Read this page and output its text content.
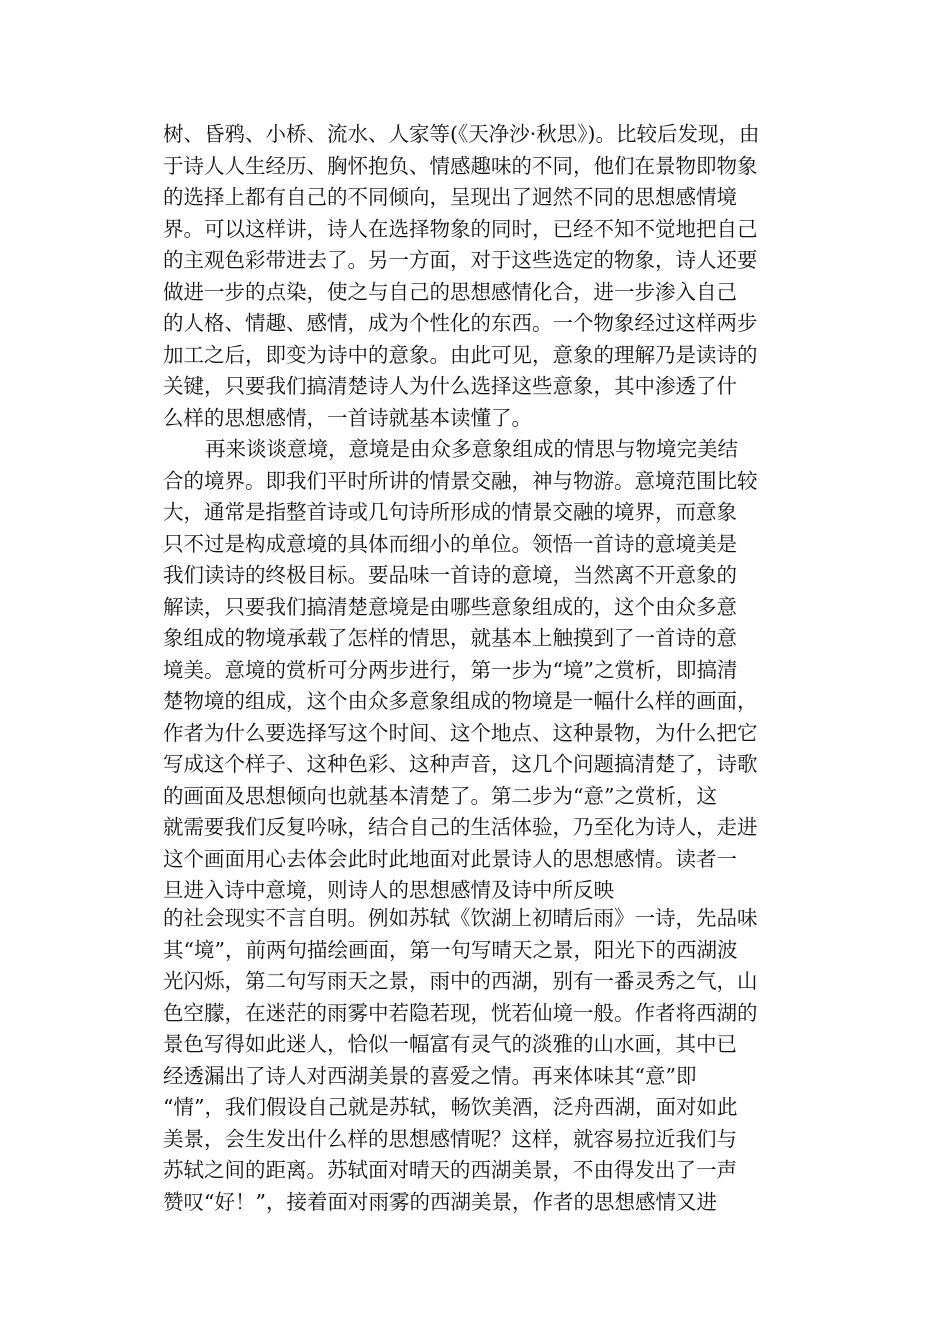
树、昏鸦、小桥、流水、人家等(《天净沙·秋思》)。比较后发现，由
于诗人人生经历、胸怀抱负、情感趣味的不同，他们在景物即物象
的选择上都有自己的不同倾向，呈现出了迥然不同的思想感情境
界。可以这样讲，诗人在选择物象的同时，已经不知不觉地把自己
的主观色彩带进去了。另一方面，对于这些选定的物象，诗人还要
做进一步的点染，使之与自己的思想感情化合，进一步渗入自己
的人格、情趣、感情，成为个性化的东西。一个物象经过这样两步
加工之后，即变为诗中的意象。由此可见，意象的理解乃是读诗的
关键，只要我们搞清楚诗人为什么选择这些意象，其中渗透了什
么样的思想感情，一首诗就基本读懂了。
再来谈谈意境，意境是由众多意象组成的情思与物境完美结
合的境界。即我们平时所讲的情景交融，神与物游。意境范围比较
大，通常是指整首诗或几句诗所形成的情景交融的境界，而意象
只不过是构成意境的具体而细小的单位。领悟一首诗的意境美是
我们读诗的终极目标。要品味一首诗的意境，当然离不开意象的
解读，只要我们搞清楚意境是由哪些意象组成的，这个由众多意
象组成的物境承载了怎样的情思，就基本上触摸到了一首诗的意
境美。意境的赏析可分两步进行，第一步为“境”之赏析，即搞清
楚物境的组成，这个由众多意象组成的物境是一幅什么样的画面，
作者为什么要选择写这个时间、这个地点、这种景物，为什么把它
写成这个样子、这种色彩、这种声音，这几个问题搞清楚了，诗歌
的画面及思想倾向也就基本清楚了。第二步为“意”之赏析，这
就需要我们反复吟咏，结合自己的生活体验，乃至化为诗人，走进
这个画面用心去体会此时此地面对此景诗人的思想感情。读者一
旦进入诗中意境，则诗人的思想感情及诗中所反映
的社会现实不言自明。例如苏轼《饮湖上初晴后雨》一诗，先品味
其“境”，前两句描绘画面，第一句写晴天之景，阳光下的西湖波
光闪烁，第二句写雨天之景，雨中的西湖，别有一番灵秀之气，山
色空朦，在迷茫的雨雾中若隐若现，恍若仙境一般。作者将西湖的
景色写得如此迷人，恰似一幅富有灵气的淡雅的山水画，其中已
经透漏出了诗人对西湖美景的喜爱之情。再来体味其“意”即
“情”，我们假设自己就是苏轼，畅饮美酒，泛舟西湖，面对如此
美景，会生发出什么样的思想感情呢？这样，就容易拉近我们与
苏轼之间的距离。苏轼面对晴天的西湖美景，不由得发出了一声
赞叹“好！”，接着面对雨雾的西湖美景，作者的思想感情又进
